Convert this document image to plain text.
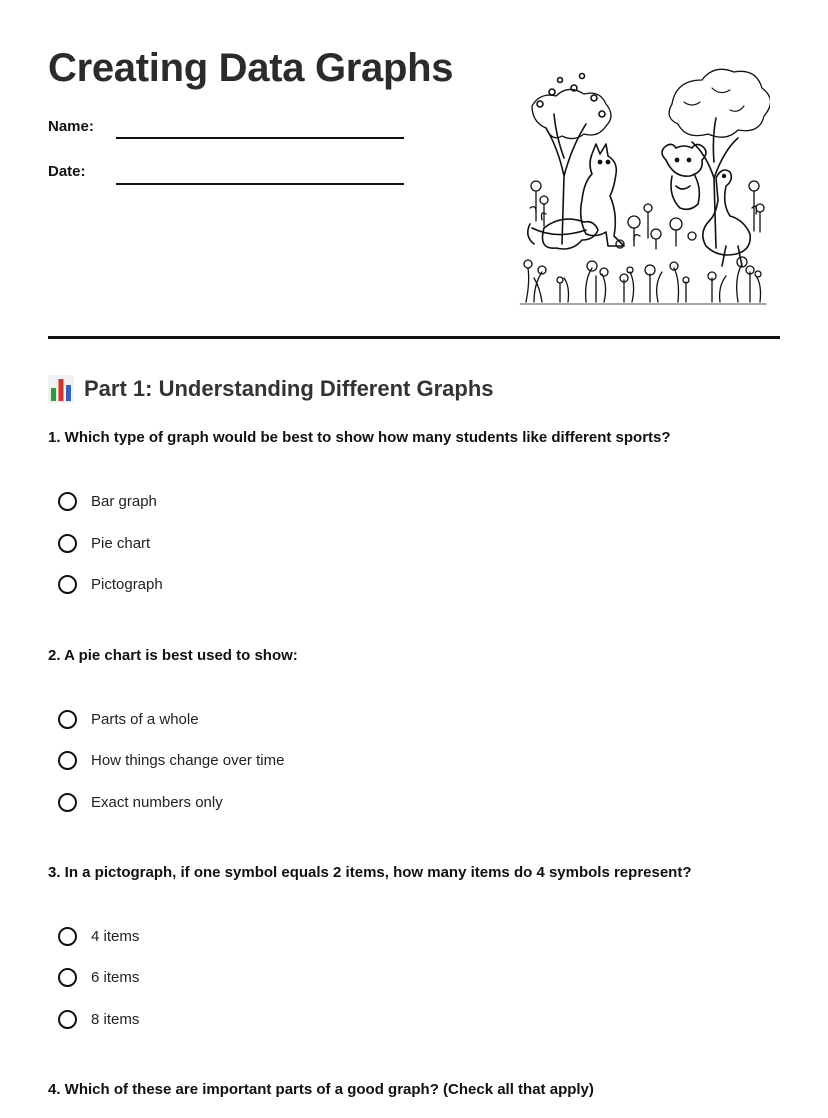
Creating Data Graphs
Name:
Date:
Part 1: Understanding Different Graphs
1. Which type of graph would be best to show how many students like different sports?
Bar graph
Pie chart
Pictograph
2. A pie chart is best used to show:
Parts of a whole
How things change over time
Exact numbers only
3. In a pictograph, if one symbol equals 2 items, how many items do 4 symbols represent?
4 items
6 items
8 items
4. Which of these are important parts of a good graph? (Check all that apply)
